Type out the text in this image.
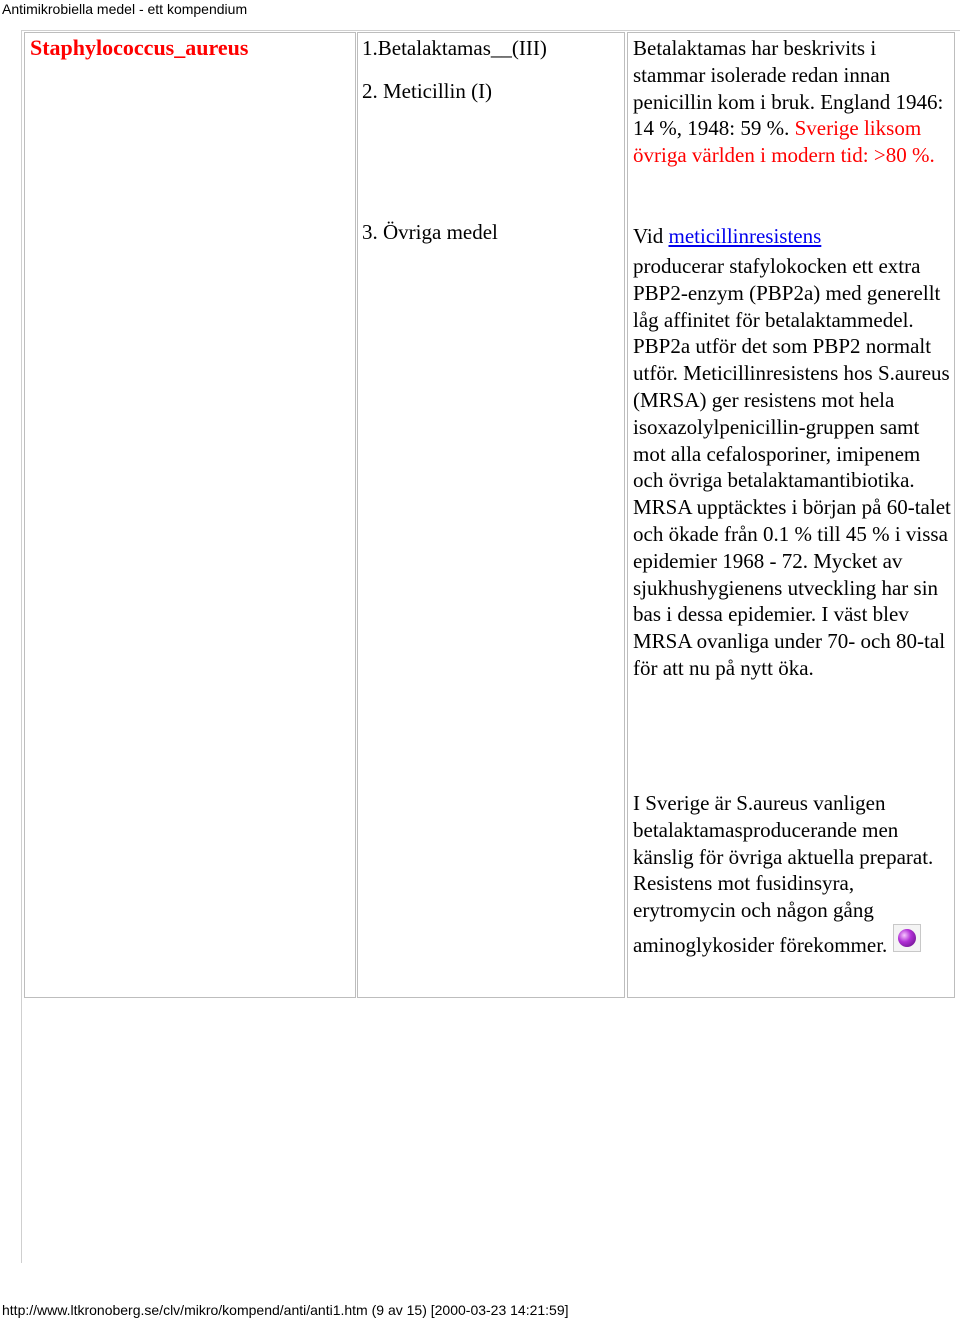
Antimikrobiella medel - ett kompendium
Staphylococcus_aureus	1.Betalaktamas__(III)
2. Meticillin (I)
3. Övriga medel
Betalaktamas har beskrivits i stammar isolerade redan innan penicillin kom i bruk. England 1946: 14 %, 1948: 59 %. Sverige liksom övriga världen i modern tid: >80 %.
Vid meticillinresistens
producerar stafylokocken ett extra PBP2-enzym (PBP2a) med generellt låg affinitet för betalaktammedel. PBP2a utför det som PBP2 normalt utför. Meticillinresistens hos S.aureus (MRSA) ger resistens mot hela isoxazolylpenicillin-gruppen samt mot alla cefalosporiner, imipenem och övriga betalaktamantibiotika. MRSA upptäcktes i början på 60-talet och ökade från 0.1 % till 45 % i vissa epidemier 1968 - 72. Mycket av sjukhushygienens utveckling har sin bas i dessa epidemier. I väst blev MRSA ovanliga under 70- och 80-tal för att nu på nytt öka.
I Sverige är S.aureus vanligen betalaktamasproducerande men känslig för övriga aktuella preparat. Resistens mot fusidinsyra, erytromycin och någon gång aminoglykosider förekommer.
http://www.ltkronoberg.se/clv/mikro/kompend/anti/anti1.htm (9 av 15) [2000-03-23 14:21:59]
